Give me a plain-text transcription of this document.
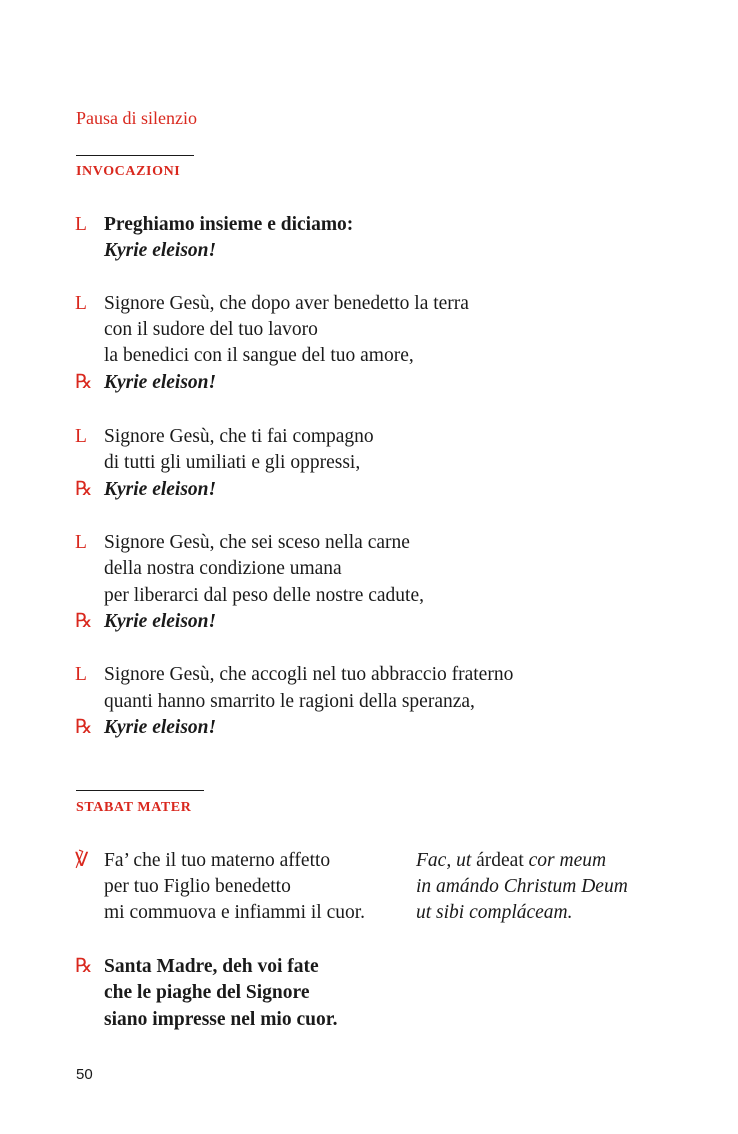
Pausa di silenzio
INVOCAZIONI
L Preghiamo insieme e diciamo:
Kyrie eleison!
L Signore Gesù, che dopo aver benedetto la terra
con il sudore del tuo lavoro
la benedici con il sangue del tuo amore,
℞ Kyrie eleison!
L Signore Gesù, che ti fai compagno
di tutti gli umiliati e gli oppressi,
℞ Kyrie eleison!
L Signore Gesù, che sei sceso nella carne
della nostra condizione umana
per liberarci dal peso delle nostre cadute,
℞ Kyrie eleison!
L Signore Gesù, che accogli nel tuo abbraccio fraterno
quanti hanno smarrito le ragioni della speranza,
℞ Kyrie eleison!
STABAT MATER
℣ Fa’ che il tuo materno affetto
per tuo Figlio benedetto
mi commuova e infiammi il cuor.
Fac, ut árdeat cor meum
in amándo Christum Deum
ut sibi compláceam.
℞ Santa Madre, deh voi fate
che le piaghe del Signore
siano impresse nel mio cuor.
50
